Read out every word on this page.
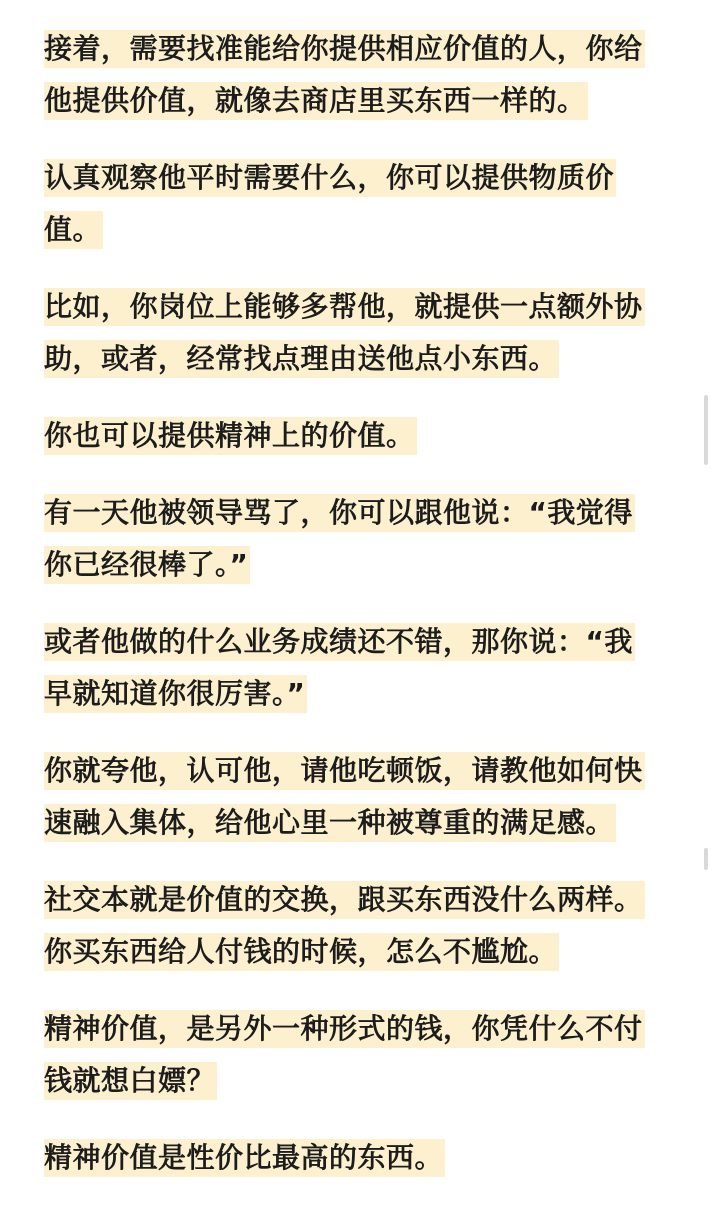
接着，需要找准能给你提供相应价值的人，你给
他提供价值，就像去商店里买东西一样的。

认真观察他平时需要什么，你可以提供物质价
值。

比如，你岗位上能够多帮他，就提供一点额外协
助，或者，经常找点理由送他点小东西。

你也可以提供精神上的价值。

有一天他被领导骂了，你可以跟他说：“我觉得
你已经很棒了。”

或者他做的什么业务成绩还不错，那你说：“我
早就知道你很厉害。”

你就夸他，认可他，请他吃顿饭，请教他如何快
速融入集体，给他心里一种被尊重的满足感。

社交本就是价值的交换，跟买东西没什么两样。
你买东西给人付钱的时候，怎么不尴尬。

精神价值，是另外一种形式的钱，你凭什么不付
钱就想白嫖？

精神价值是性价比最高的东西。
